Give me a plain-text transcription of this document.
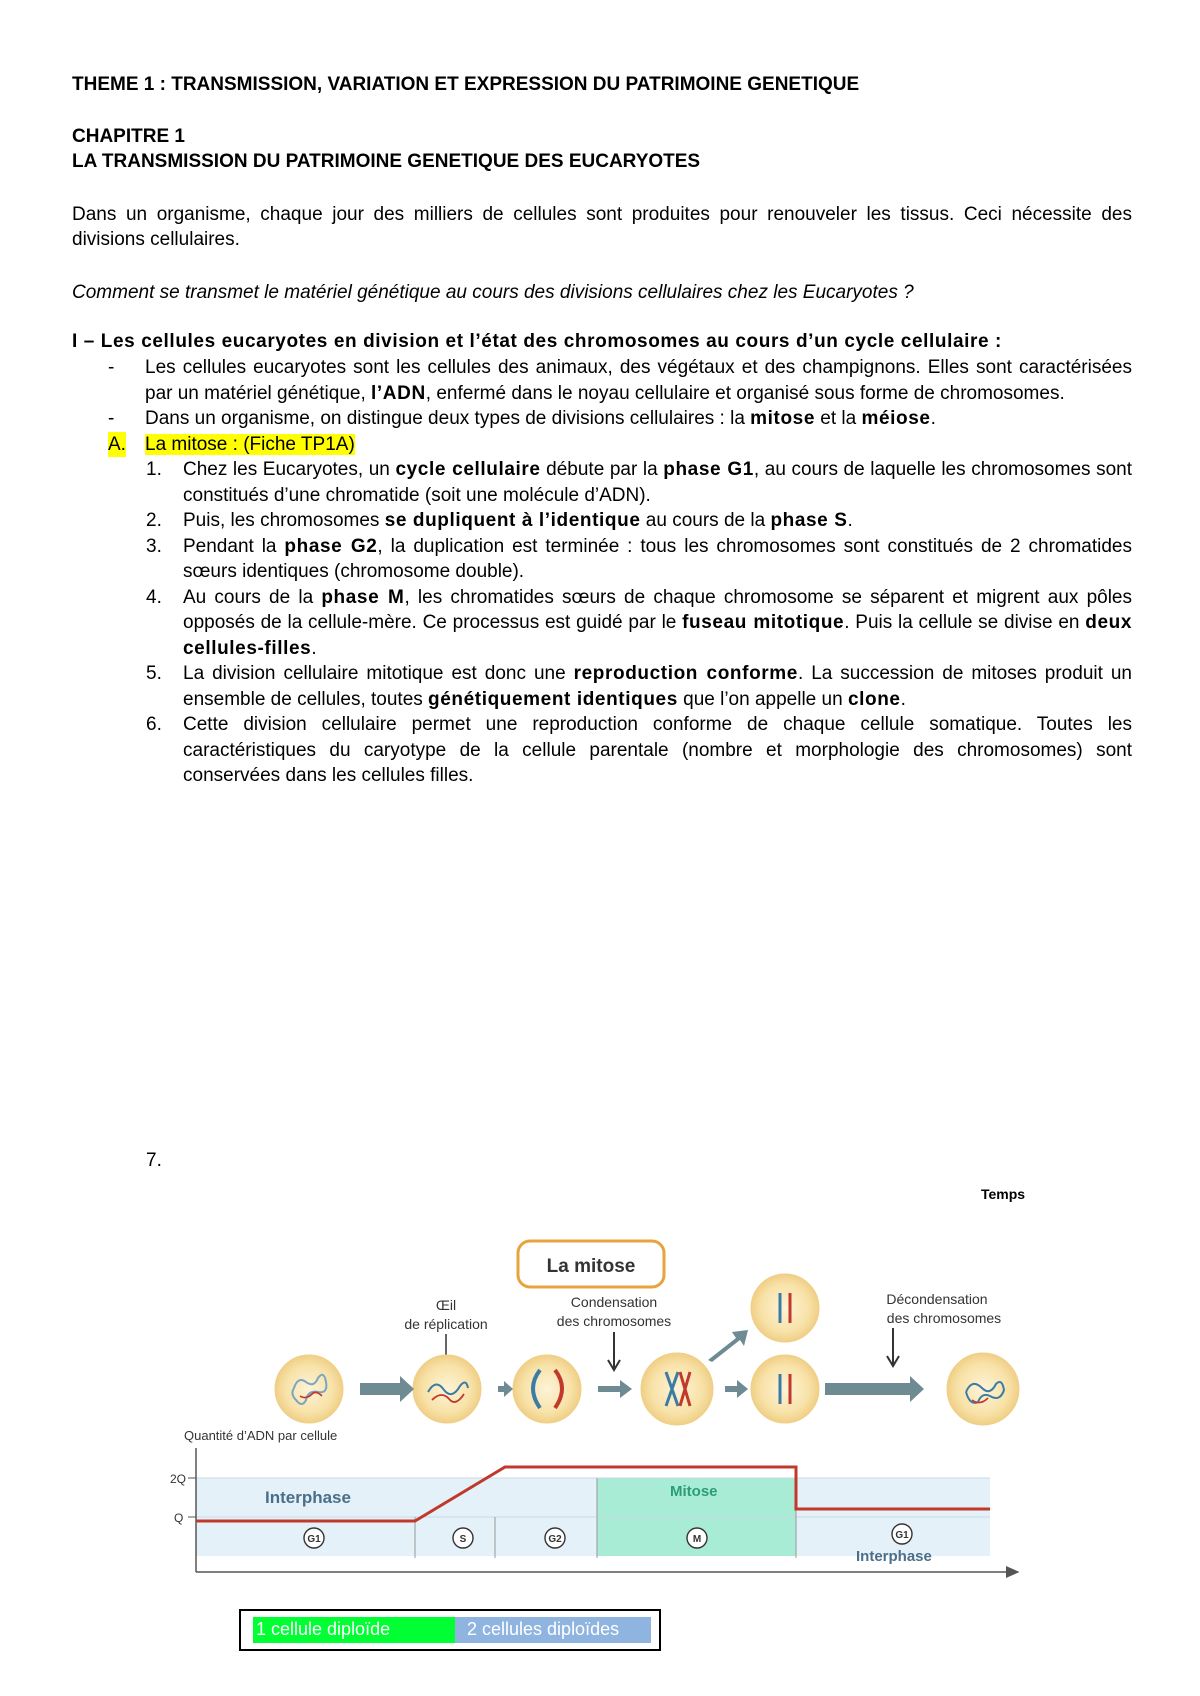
THEME 1 : TRANSMISSION, VARIATION ET EXPRESSION DU PATRIMOINE GENETIQUE
CHAPITRE 1
LA TRANSMISSION DU PATRIMOINE GENETIQUE DES EUCARYOTES
Dans un organisme, chaque jour des milliers de cellules sont produites pour renouveler les tissus. Ceci nécessite des divisions cellulaires.
Comment se transmet le matériel génétique au cours des divisions cellulaires chez les Eucaryotes ?
I – Les cellules eucaryotes en division et l’état des chromosomes au cours d’un cycle cellulaire :
- Les cellules eucaryotes sont les cellules des animaux, des végétaux et des champignons. Elles sont caractérisées par un matériel génétique, l’ADN, enfermé dans le noyau cellulaire et organisé sous forme de chromosomes.
- Dans un organisme, on distingue deux types de divisions cellulaires : la mitose et la méiose.
A. La mitose : (Fiche TP1A)
1. Chez les Eucaryotes, un cycle cellulaire débute par la phase G1, au cours de laquelle les chromosomes sont constitués d’une chromatide (soit une molécule d’ADN).
2. Puis, les chromosomes se dupliquent à l’identique au cours de la phase S.
3. Pendant la phase G2, la duplication est terminée : tous les chromosomes sont constitués de 2 chromatides sœurs identiques (chromosome double).
4. Au cours de la phase M, les chromatides sœurs de chaque chromosome se séparent et migrent aux pôles opposés de la cellule-mère. Ce processus est guidé par le fuseau mitotique. Puis la cellule se divise en deux cellules-filles.
5. La division cellulaire mitotique est donc une reproduction conforme. La succession de mitoses produit un ensemble de cellules, toutes génétiquement identiques que l’on appelle un clone.
6. Cette division cellulaire permet une reproduction conforme de chaque cellule somatique. Toutes les caractéristiques du caryotype de la cellule parentale (nombre et morphologie des chromosomes) sont conservées dans les cellules filles.
7.
Temps
La mitose
Œil
de réplication
Condensation
des chromosomes
Décondensation
des chromosomes
Quantité d’ADN par cellule
2Q
Q
Interphase	Mitose
Interphase
G1	S	G2	M	G1
1 cellule diploïde	2 cellules diploïdes
